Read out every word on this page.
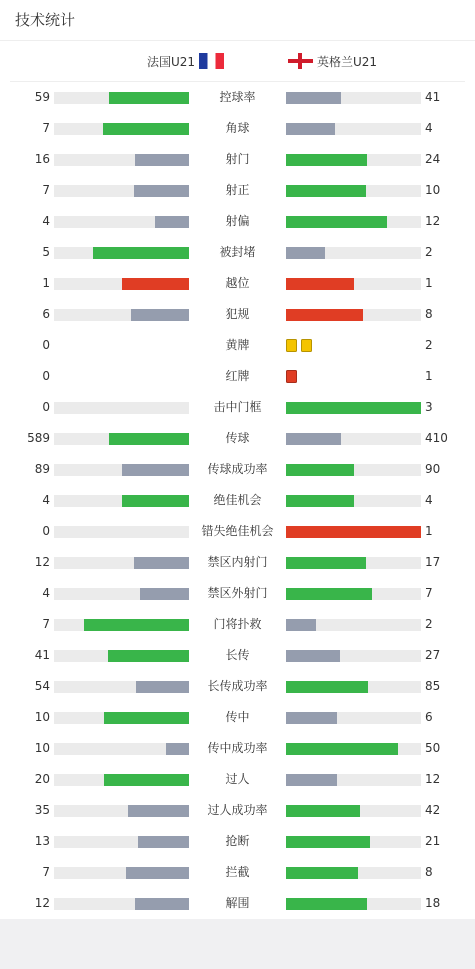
技术统计
法国U21	英格兰U21
59	控球率	41
7	角球	4
16	射门	24
7	射正	10
4	射偏	12
5	被封堵	2
1	越位	1
6	犯规	8
0	黄牌	2
0	红牌	1
0	击中门框	3
589	传球	410
89	传球成功率	90
4	绝佳机会	4
0	错失绝佳机会	1
12	禁区内射门	17
4	禁区外射门	7
7	门将扑救	2
41	长传	27
54	长传成功率	85
10	传中	6
10	传中成功率	50
20	过人	12
35	过人成功率	42
13	抢断	21
7	拦截	8
12	解围	18
